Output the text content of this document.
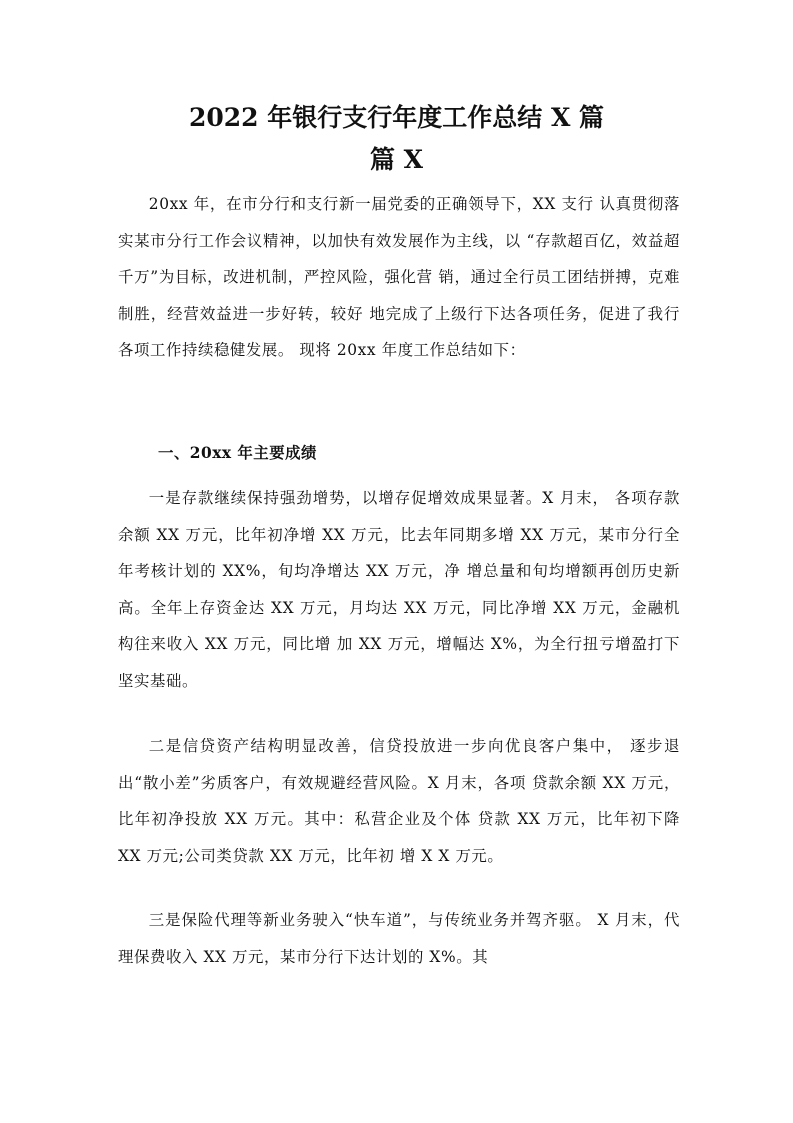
2022 年银行支行年度工作总结 X 篇
篇 X

20xx 年，在市分行和支行新一届党委的正确领导下，XX 支行 认真贯彻落实某市分行工作会议精神，以加快有效发展作为主线，以 “存款超百亿，效益超千万”为目标，改进机制，严控风险，强化营 销，通过全行员工团结拼搏，克难制胜，经营效益进一步好转，较好 地完成了上级行下达各项任务，促进了我行各项工作持续稳健发展。 现将 20xx 年度工作总结如下：

一、20xx 年主要成绩

一是存款继续保持强劲增势，以增存促增效成果显著。X 月末， 各项存款余额 XX 万元，比年初净增 XX 万元，比去年同期多增 XX 万元，某市分行全年考核计划的 XX%，旬均净增达 XX 万元，净 增总量和旬均增额再创历史新高。全年上存资金达 XX 万元，月均达 XX 万元，同比净增 XX 万元，金融机构往来收入 XX 万元，同比增 加 XX 万元，增幅达 X%，为全行扭亏增盈打下坚实基础。

二是信贷资产结构明显改善，信贷投放进一步向优良客户集中， 逐步退出“散小差”劣质客户，有效规避经营风险。X 月末，各项 贷款余额 XX 万元，比年初净投放 XX 万元。其中：私营企业及个体 贷款 XX 万元，比年初下降 XX 万元;公司类贷款 XX 万元，比年初 增 X X 万元。

三是保险代理等新业务驶入“快车道”，与传统业务并驾齐驱。 X 月末，代理保费收入 XX 万元，某市分行下达计划的 X%。其
